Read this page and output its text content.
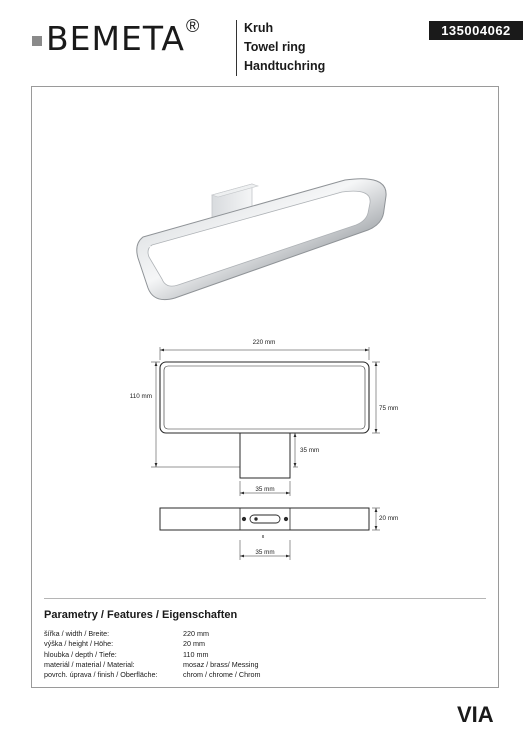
BEMETA ®	Kruh
Towel ring
Handtuchring
135004062
220 mm
110 mm
75 mm
35 mm
35 mm
20 mm
35 mm
8
Parametry / Features / Eigenschaften
šířka / width / Breite:	220 mm
výška / height / Höhe:	20 mm
hloubka / depth / Tiefe:	110 mm
materiál / material / Material:	mosaz / brass/ Messing
povrch. úprava / finish / Oberfläche:	chrom / chrome / Chrom
VIA
